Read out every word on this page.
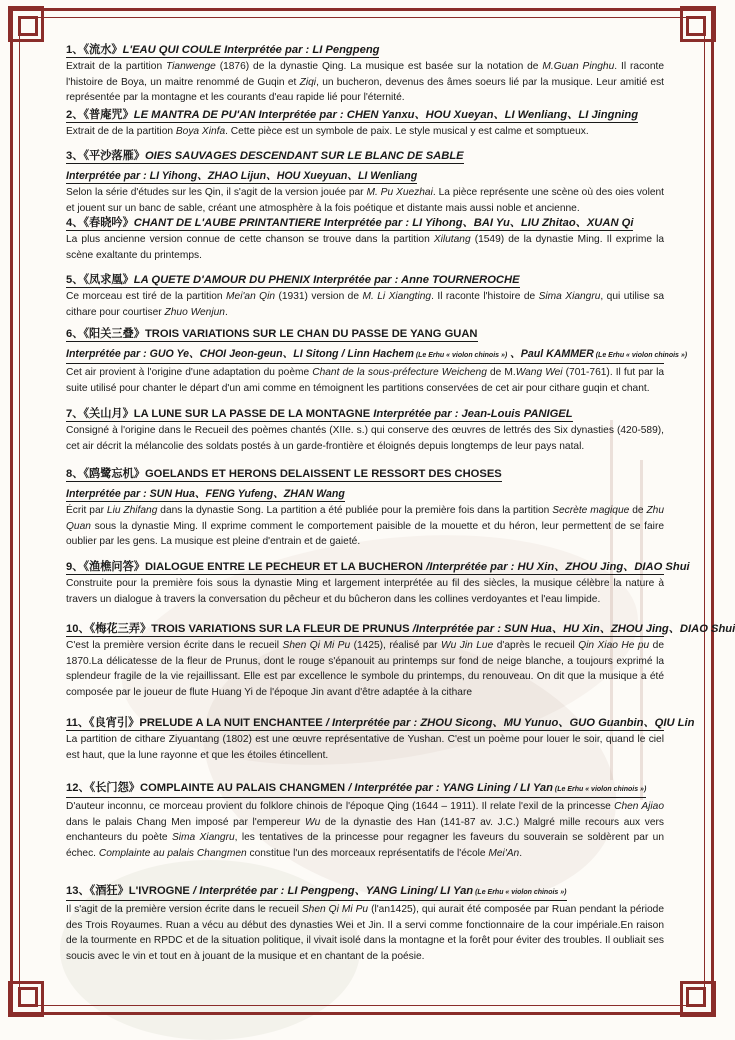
1、《流水》L'EAU QUI COULE Interprétée par : LI Pengpeng

Extrait de la partition Tianwenge (1876) de la dynastie Qing. La musique est basée sur la notation de M.Guan Pinghu. Il raconte l'histoire de Boya, un maitre renommé de Guqin et Ziqi, un bucheron, devenus des âmes soeurs lié par la musique. Leur amitié est représentée par la montagne et les courants d'eau rapide lié pour l'éternité.

2、《普庵咒》LE MANTRA DE PU'AN Interprétée par : CHEN Yanxu、HOU Xueyan、LI Wenliang、LI Jingning

Extrait de de la partition Boya Xinfa. Cette pièce est un symbole de paix. Le style musical y est calme et somptueux.

3、《平沙落雁》OIES SAUVAGES DESCENDANT SUR LE BLANC DE SABLE
Interprétée par : LI Yihong、ZHAO Lijun、HOU Xueyuan、LI Wenliang

Selon la série d'études sur les Qin, il s'agit de la version jouée par M. Pu Xuezhai. La pièce représente une scène où des oies volent et jouent sur un banc de sable, créant une atmosphère à la fois poétique et distante mais aussi noble et ancienne.

4、《春晓吟》CHANT DE L'AUBE PRINTANTIERE Interprétée par : LI Yihong、BAI Yu、LIU Zhitao、XUAN Qi

La plus ancienne version connue de cette chanson se trouve dans la partition Xilutang (1549) de la dynastie Ming. Il exprime la scène exaltante du printemps.

5、《凤求凰》LA QUETE D'AMOUR DU PHENIX Interprétée par : Anne TOURNEROCHE

Ce morceau est tiré de la partition Mei'an Qin (1931) version de M. Li Xiangting. Il raconte l'histoire de Sima Xiangru, qui utilise sa cithare pour courtiser Zhuo Wenjun.

6、《阳关三叠》TROIS VARIATIONS SUR LE CHAN DU PASSE DE YANG GUAN
Interprétée par : GUO Ye、CHOI Jeon-geun、LI Sitong / Linn Hachem (Le Erhu « violon chinois ») 、Paul KAMMER (Le Erhu « violon chinois »)

Cet air provient à l'origine d'une adaptation du poème Chant de la sous-préfecture Weicheng de M.Wang Wei (701-761). Il fut par la suite utilisé pour chanter le départ d'un ami comme en témoignent les partitions conservées de cet air pour cithare guqin et chant.

7、《关山月》LA LUNE SUR LA PASSE DE LA MONTAGNE Interprétée par : Jean-Louis PANIGEL

Consigné à l'origine dans le Recueil des poèmes chantés (XIIe. s.) qui conserve des œuvres de lettrés des Six dynasties (420-589), cet air décrit la mélancolie des soldats postés à un garde-frontière et éloignés depuis longtemps de leur pays natal.

8、《鸥鹭忘机》GOELANDS ET HERONS DELAISSENT LE RESSORT DES CHOSES
Interprétée par : SUN Hua、FENG Yufeng、ZHAN Wang

Écrit par Liu Zhifang dans la dynastie Song. La partition a été publiée pour la première fois dans la partition Secrète magique de Zhu Quan sous la dynastie Ming. Il exprime comment le comportement paisible de la mouette et du héron, leur permettent de se faire oublier par les gens. La musique est pleine d'entrain et de gaieté.

9、《渔樵问答》DIALOGUE ENTRE LE PECHEUR ET LA BUCHERON /Interprétée par : HU Xin、ZHOU Jing、DIAO Shui

Construite pour la première fois sous la dynastie Ming et largement interprétée au fil des siècles, la musique célèbre la nature à travers un dialogue à travers la conversation du pêcheur et du bûcheron dans les collines verdoyantes et l'eau limpide.

10、《梅花三弄》TROIS VARIATIONS SUR LA FLEUR DE PRUNUS /Interprétée par : SUN Hua、HU Xin、ZHOU Jing、DIAO Shui

C'est la première version écrite dans le recueil Shen Qi Mi Pu (1425), réalisé par Wu Jin Lue d'après le recueil Qin Xiao He pu de 1870.La délicatesse de la fleur de Prunus, dont le rouge s'épanouit au printemps sur fond de neige blanche, a toujours exprimé la splendeur fragile de la vie rejaillissant. Elle est par excellence le symbole du printemps, du renouveau. On dit que la musique a été composée par le joueur de flute Huang Yi de l'époque Jin avant d'être adaptée à la cithare

11、《良宵引》PRELUDE A LA NUIT ENCHANTEE / Interprétée par : ZHOU Sicong、MU Yunuo、GUO Guanbin、QIU Lin

La partition de cithare Ziyuantang (1802) est une œuvre représentative de Yushan. C'est un poème pour louer le soir, quand le ciel est haut, que la lune rayonne et que les étoiles étincellent.

12、《长门怨》COMPLAINTE AU PALAIS CHANGMEN / Interprétée par : YANG Lining / LI Yan (Le Erhu « violon chinois »)

D'auteur inconnu, ce morceau provient du folklore chinois de l'époque Qing (1644 – 1911). Il relate l'exil de la princesse Chen Ajiao dans le palais Chang Men imposé par l'empereur Wu de la dynastie des Han (141-87 av. J.C.) Malgré mille recours aux vers enchanteurs du poète Sima Xiangru, les tentatives de la princesse pour regagner les faveurs du souverain se soldèrent par un échec. Complainte au palais Changmen constitue l'un des morceaux représentatifs de l'école Mei'An.

13、《酒狂》L'IVROGNE / Interprétée par : LI Pengpeng、YANG Lining/ LI Yan (Le Erhu « violon chinois »)

Il s'agit de la première version écrite dans le recueil Shen Qi Mi Pu (l'an1425), qui aurait été composée par Ruan pendant la période des Trois Royaumes. Ruan a vécu au début des dynasties Wei et Jin. Il a servi comme fonctionnaire de la cour impériale.En raison de la tourmente en RPDC et de la situation politique, il vivait isolé dans la montagne et la forêt pour éviter des troubles. Il oubliait ses soucis avec le vin et tout en à jouant de la musique et en chantant de la poésie.
